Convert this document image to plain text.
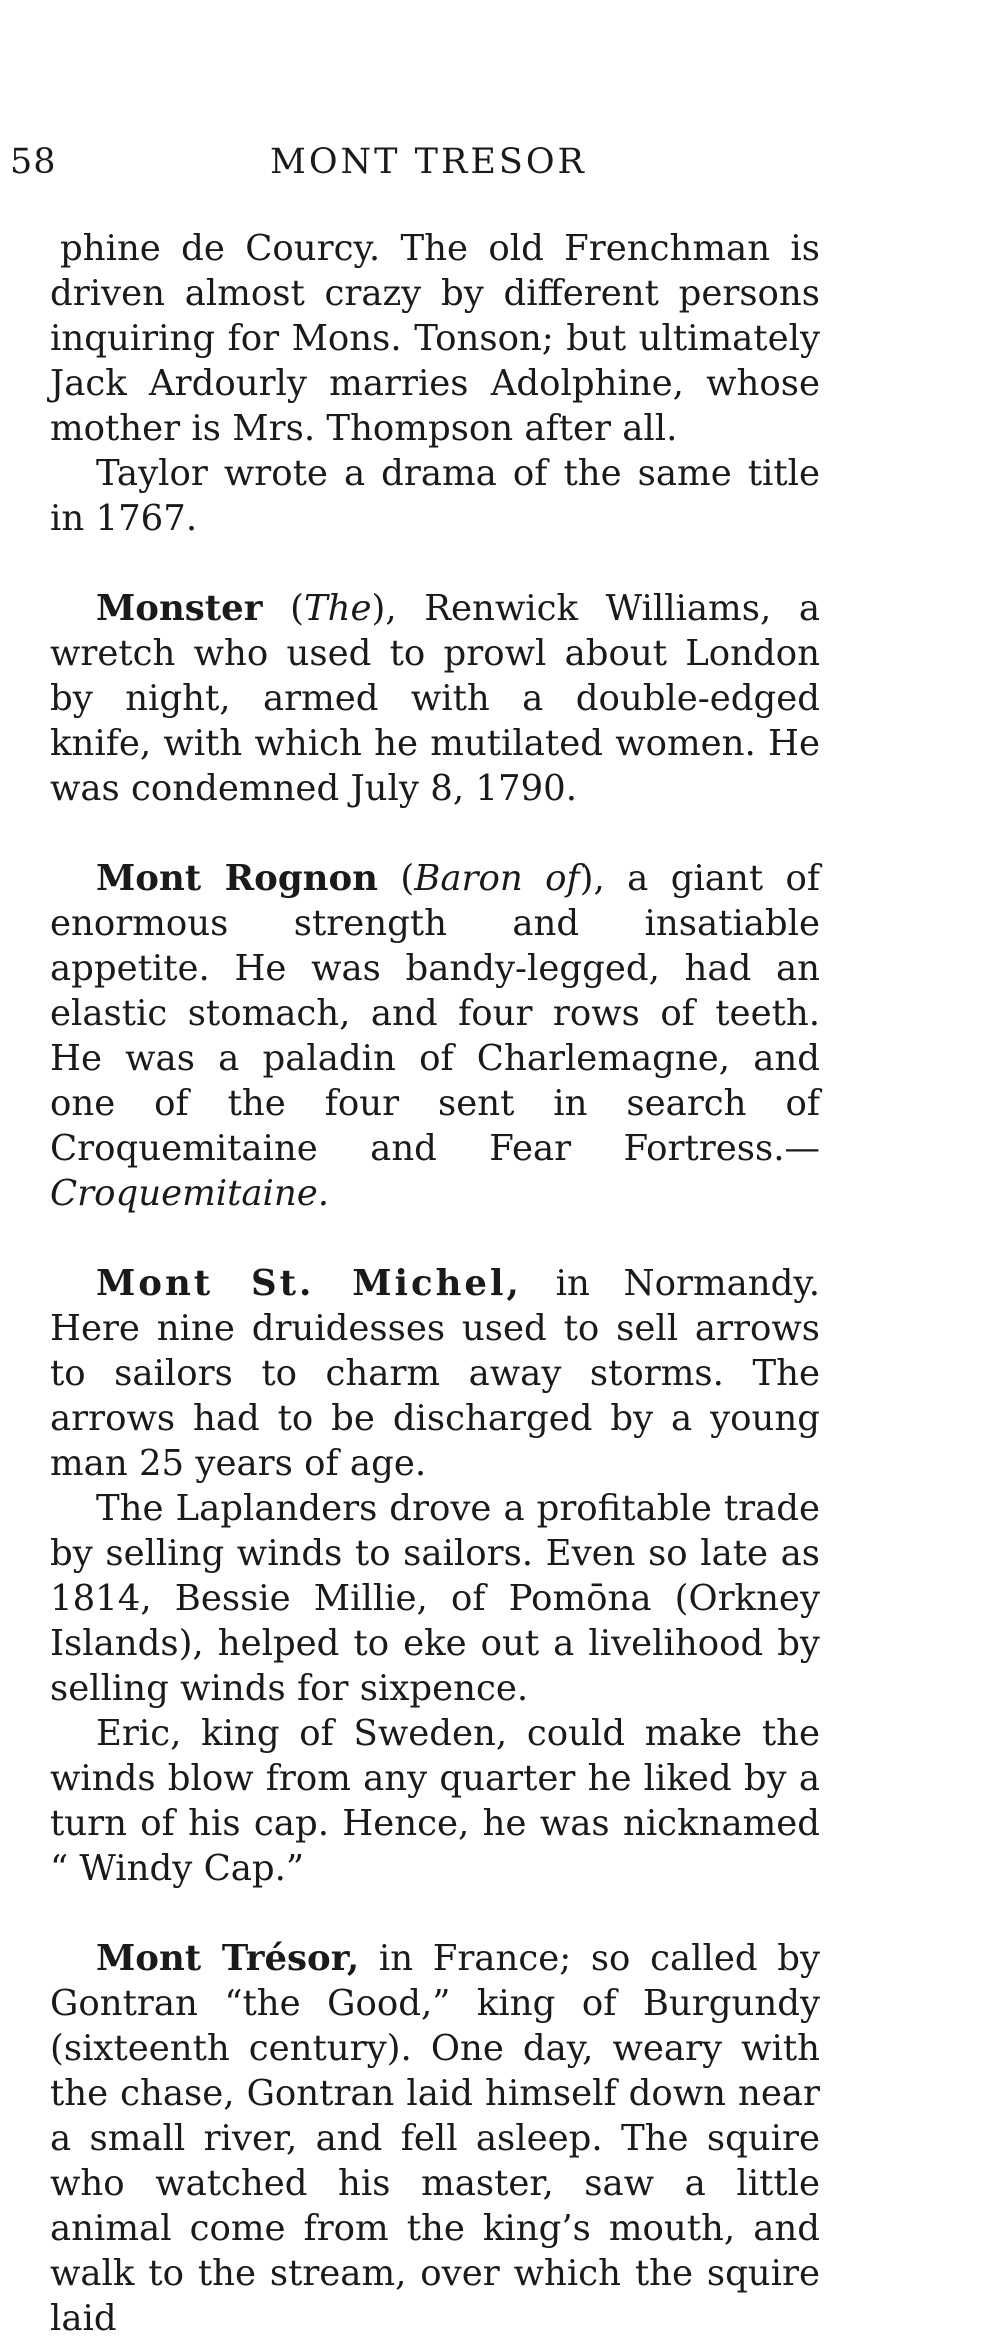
58	MONT TRESOR

phine de Courcy. The old Frenchman is driven almost crazy by different persons inquiring for Mons. Tonson; but ultimately Jack Ardourly marries Adolphine, whose mother is Mrs. Thompson after all.

Taylor wrote a drama of the same title in 1767.

Monster (The), Renwick Williams, a wretch who used to prowl about London by night, armed with a double-edged knife, with which he mutilated women. He was condemned July 8, 1790.

Mont Rognon (Baron of), a giant of enormous strength and insatiable appetite. He was bandy-legged, had an elastic stomach, and four rows of teeth. He was a paladin of Charlemagne, and one of the four sent in search of Croquemitaine and Fear Fortress.—Croquemitaine.

Mont St. Michel, in Normandy. Here nine druidesses used to sell arrows to sailors to charm away storms. The arrows had to be discharged by a young man 25 years of age.

The Laplanders drove a profitable trade by selling winds to sailors. Even so late as 1814, Bessie Millie, of Pomōna (Orkney Islands), helped to eke out a livelihood by selling winds for sixpence.

Eric, king of Sweden, could make the winds blow from any quarter he liked by a turn of his cap. Hence, he was nicknamed “ Windy Cap.”

Mont Trésor, in France; so called by Gontran “the Good,” king of Burgundy (sixteenth century). One day, weary with the chase, Gontran laid himself down near a small river, and fell asleep. The squire who watched his master, saw a little animal come from the king’s mouth, and walk to the stream, over which the squire laid
